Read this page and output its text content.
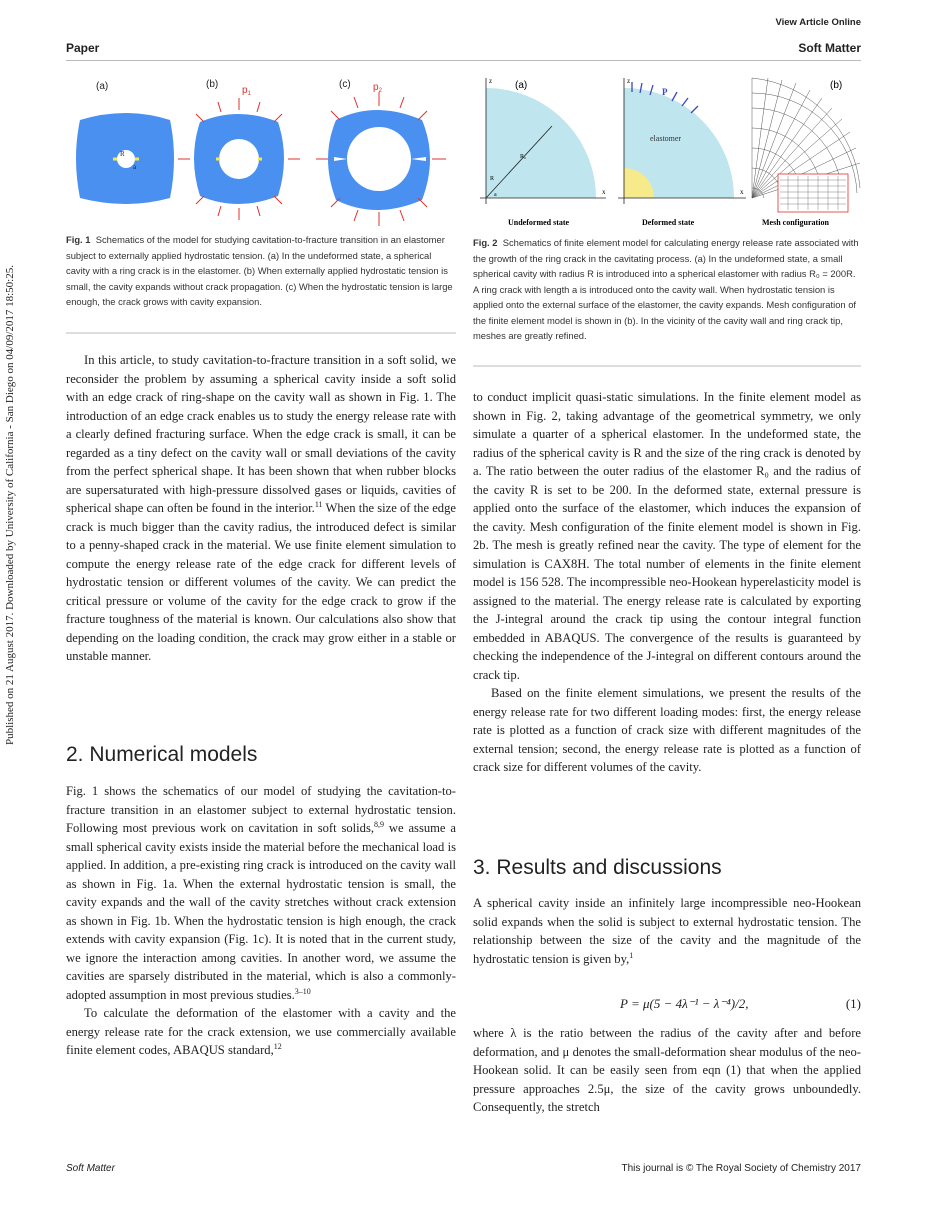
View Article Online
Paper	Soft Matter
Published on 21 August 2017. Downloaded by University of California - San Diego on 04/09/2017 18:50:25.
(a)	(b)	(c)
$p_1$
$p_2$
R
a
Fig. 1 Schematics of the model for studying cavitation-to-fracture transition in an elastomer subject to externally applied hydrostatic tension. (a) In the undeformed state, a spherical cavity with a ring crack is in the elastomer. (b) When externally applied hydrostatic tension is small, the cavity expands without crack propagation. (c) When the hydrostatic tension is large enough, the crack grows with cavity expansion.
z
x
(a)
R₀
R
a
Undeformed state
z
x
elastomer
P
Deformed state
(b)
Mesh configuration
Fig. 2 Schematics of finite element model for calculating energy release rate associated with the growth of the ring crack in the cavitating process. (a) In the undeformed state, a small spherical cavity with radius R is introduced into a spherical elastomer with radius R₀ = 200R. A ring crack with length a is introduced onto the cavity wall. When hydrostatic tension is applied onto the external surface of the elastomer, the cavity expands. Mesh configuration of the finite element model is shown in (b). In the vicinity of the cavity wall and ring crack tip, meshes are greatly refined.

In this article, to study cavitation-to-fracture transition in a soft solid, we reconsider the problem by assuming a spherical cavity inside a soft solid with an edge crack of ring-shape on the cavity wall as shown in Fig. 1. The introduction of an edge crack enables us to study the energy release rate with a clearly defined fracturing surface. When the edge crack is small, it can be regarded as a tiny defect on the cavity wall or small deviations of the cavity from the perfect spherical shape. It has been shown that when rubber blocks are supersaturated with high-pressure dissolved gases or liquids, cavities of spherical shape can often be found in the interior.$^{11}$ When the size of the edge crack is much bigger than the cavity radius, the introduced defect is similar to a penny-shaped crack in the material. We use finite element simulation to compute the energy release rate of the edge crack for different levels of hydrostatic tension or different volumes of the cavity. We can predict the critical pressure or volume of the cavity for the edge crack to grow if the fracture toughness of the material is known. Our calculations also show that depending on the loading condition, the crack may grow either in a stable or unstable manner.

2. Numerical models

Fig. 1 shows the schematics of our model of studying the cavitation-to-fracture transition in an elastomer subject to external hydrostatic tension. Following most previous work on cavitation in soft solids,$^{8,9}$ we assume a small spherical cavity exists inside the material before the mechanical load is applied. In addition, a pre-existing ring crack is introduced on the cavity wall as shown in Fig. 1a. When the external hydrostatic tension is small, the cavity expands and the wall of the cavity stretches without crack extension as shown in Fig. 1b. When the hydrostatic tension is high enough, the crack extends with cavity expansion (Fig. 1c). It is noted that in the current study, we ignore the interaction among cavities. In another word, we assume the cavities are sparsely distributed in the material, which is also a commonly-adopted assumption in most previous studies.$^{3-10}$

To calculate the deformation of the elastomer with a cavity and the energy release rate for the crack extension, we use commercially available finite element codes, ABAQUS standard,$^{12}$

to conduct implicit quasi-static simulations. In the finite element model as shown in Fig. 2, taking advantage of the geometrical symmetry, we only simulate a quarter of a spherical elastomer. In the undeformed state, the radius of the spherical cavity is R and the size of the ring crack is denoted by a. The ratio between the outer radius of the elastomer R₀ and the radius of the cavity R is set to be 200. In the deformed state, external pressure is applied onto the surface of the elastomer, which induces the expansion of the cavity. Mesh configuration of the finite element model is shown in Fig. 2b. The mesh is greatly refined near the cavity. The type of element for the simulation is CAX8H. The total number of elements in the finite element model is 156 528. The incompressible neo-Hookean hyperelasticity model is assigned to the material. The energy release rate is calculated by exporting the J-integral around the crack tip using the contour integral function embedded in ABAQUS. The convergence of the results is guaranteed by checking the independence of the J-integral on different contours around the crack tip.

Based on the finite element simulations, we present the results of the energy release rate for two different loading modes: first, the energy release rate is plotted as a function of crack size with different magnitudes of the external tension; second, the energy release rate is plotted as a function of crack size for different volumes of the cavity.

3. Results and discussions

A spherical cavity inside an infinitely large incompressible neo-Hookean solid expands when the solid is subject to external hydrostatic tension. The relationship between the size of the cavity and the magnitude of the hydrostatic tension is given by,$^1$

P = μ(5 − 4λ⁻¹ − λ⁻⁴)/2,	(1)

where λ is the ratio between the radius of the cavity after and before deformation, and μ denotes the small-deformation shear modulus of the neo-Hookean solid. It can be easily seen from eqn (1) that when the applied pressure approaches 2.5μ, the size of the cavity grows unboundedly. Consequently, the stretch

Soft Matter	This journal is © The Royal Society of Chemistry 2017
